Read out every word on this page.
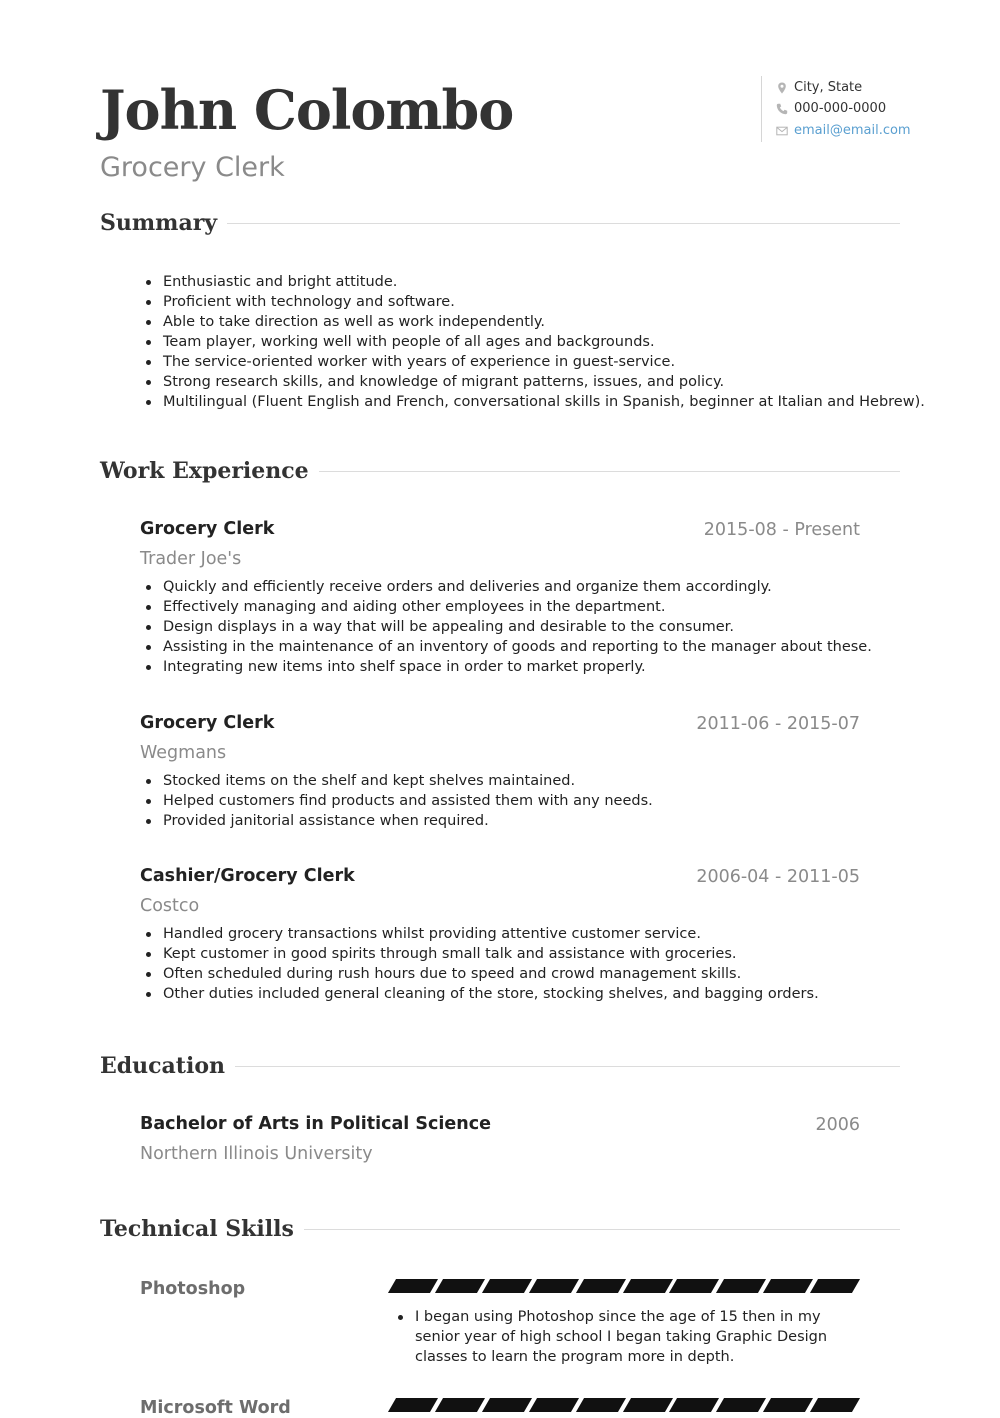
John Colombo
Grocery Clerk
City, State
000-000-0000
email@email.com
Summary
Enthusiastic and bright attitude.
Proficient with technology and software.
Able to take direction as well as work independently.
Team player, working well with people of all ages and backgrounds.
The service-oriented worker with years of experience in guest-service.
Strong research skills, and knowledge of migrant patterns, issues, and policy.
Multilingual (Fluent English and French, conversational skills in Spanish, beginner at Italian and Hebrew).
Work Experience
Grocery Clerk	2015-08 - Present
Trader Joe's
Quickly and efficiently receive orders and deliveries and organize them accordingly.
Effectively managing and aiding other employees in the department.
Design displays in a way that will be appealing and desirable to the consumer.
Assisting in the maintenance of an inventory of goods and reporting to the manager about these.
Integrating new items into shelf space in order to market properly.
Grocery Clerk	2011-06 - 2015-07
Wegmans
Stocked items on the shelf and kept shelves maintained.
Helped customers find products and assisted them with any needs.
Provided janitorial assistance when required.
Cashier/Grocery Clerk	2006-04 - 2011-05
Costco
Handled grocery transactions whilst providing attentive customer service.
Kept customer in good spirits through small talk and assistance with groceries.
Often scheduled during rush hours due to speed and crowd management skills.
Other duties included general cleaning of the store, stocking shelves, and bagging orders.
Education
Bachelor of Arts in Political Science	2006
Northern Illinois University
Technical Skills
Photoshop
I began using Photoshop since the age of 15 then in my senior year of high school I began taking Graphic Design classes to learn the program more in depth.
Microsoft Word
